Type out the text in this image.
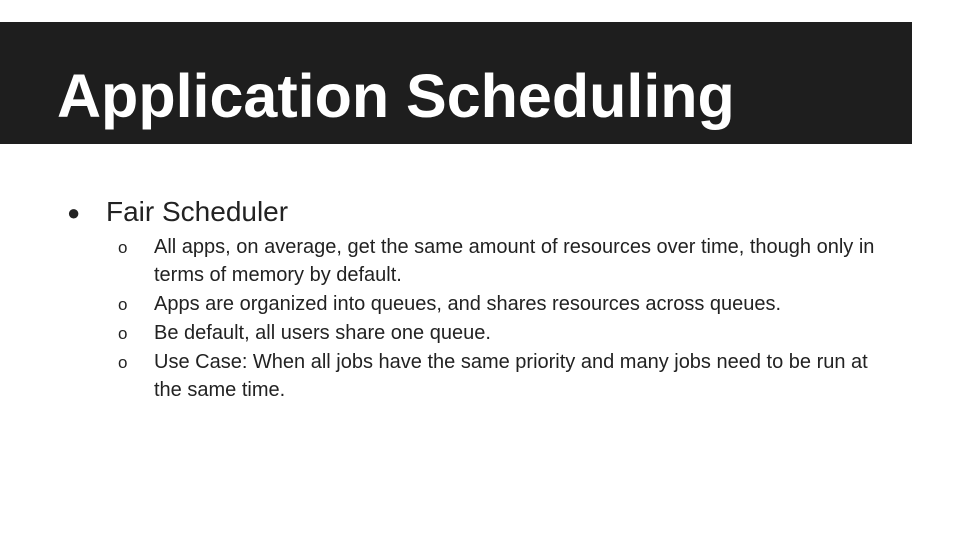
Application Scheduling
● Fair Scheduler
o All apps, on average, get the same amount of resources over time, though only in terms of memory by default.
o Apps are organized into queues, and shares resources across queues.
o Be default, all users share one queue.
o Use Case: When all jobs have the same priority and many jobs need to be run at the same time.
